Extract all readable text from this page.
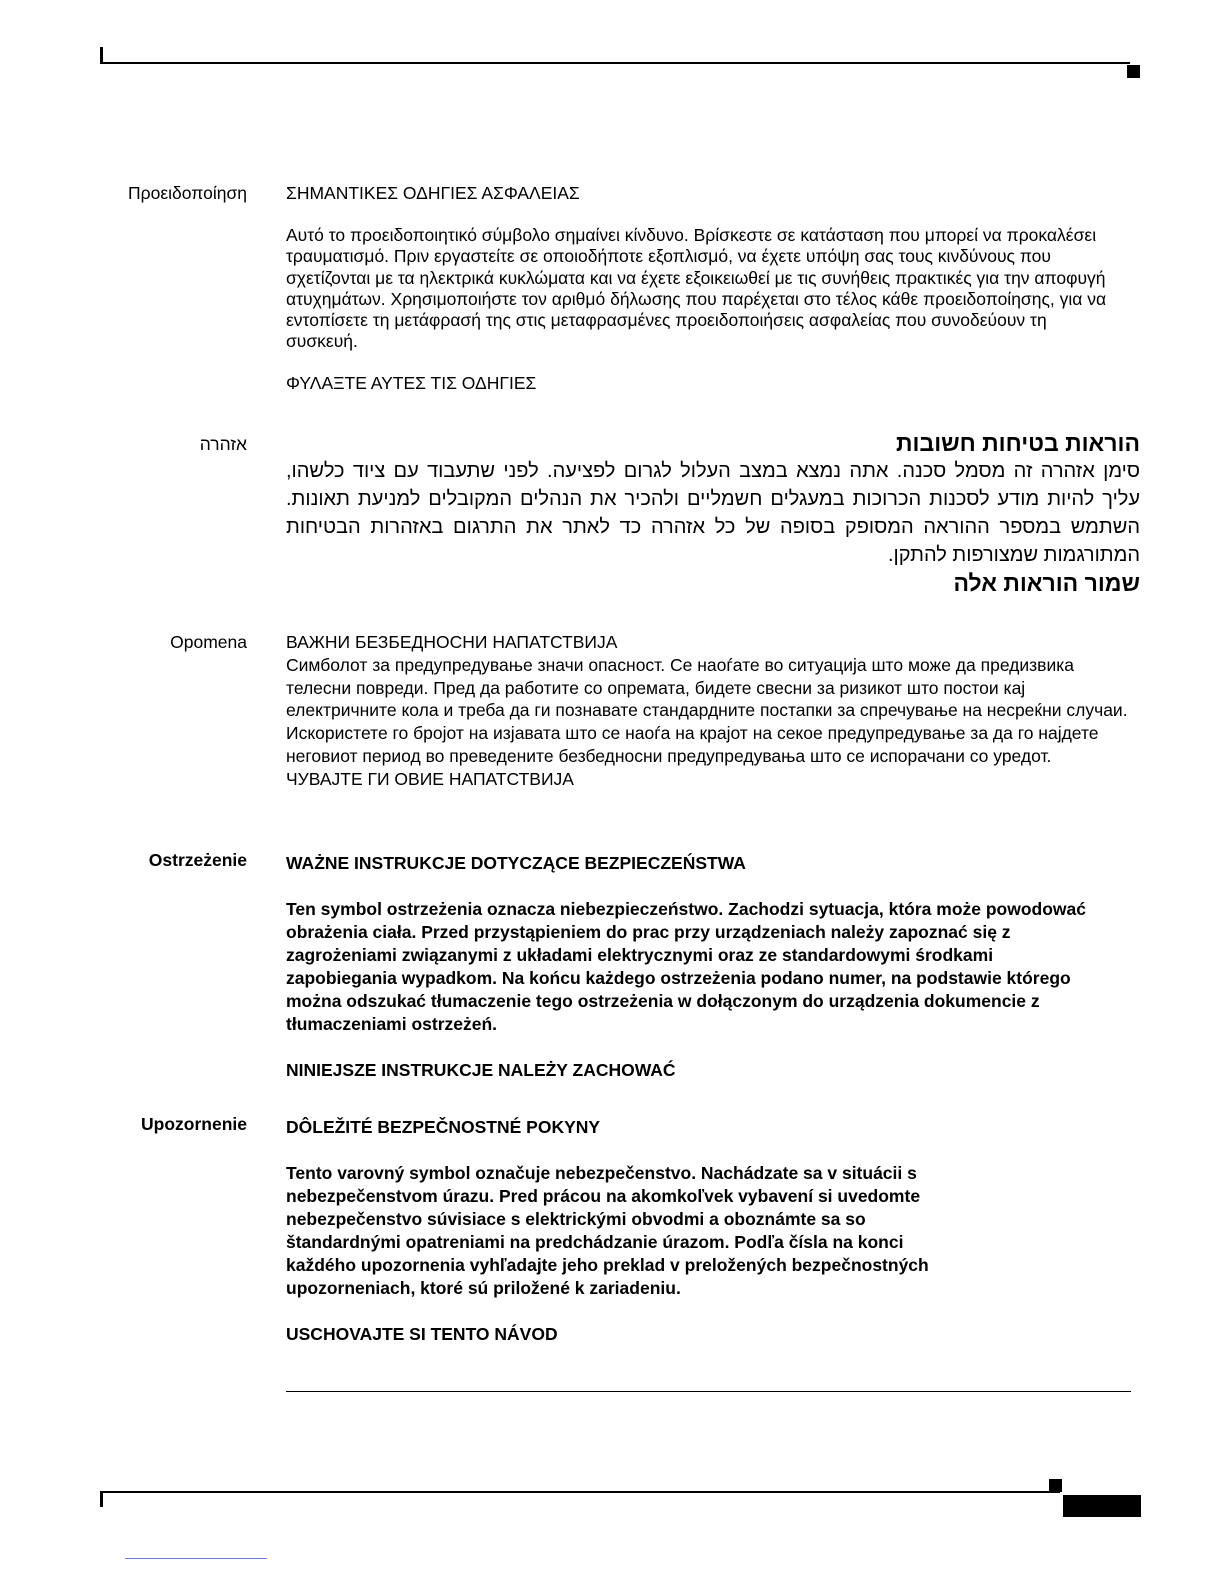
Προειδοποίηση ΣΗΜΑΝΤΙΚΕΣ ΟΔΗΓΙΕΣ ΑΣΦΑΛΕΙΑΣ

Αυτό το προειδοποιητικό σύμβολο σημαίνει κίνδυνο. Βρίσκεστε σε κατάσταση που μπορεί να προκαλέσει τραυματισμό. Πριν εργαστείτε σε οποιοδήποτε εξοπλισμό, να έχετε υπόψη σας τους κινδύνους που σχετίζονται με τα ηλεκτρικά κυκλώματα και να έχετε εξοικειωθεί με τις συνήθεις πρακτικές για την αποφυγή ατυχημάτων. Χρησιμοποιήστε τον αριθμό δήλωσης που παρέχεται στο τέλος κάθε προειδοποίησης, για να εντοπίσετε τη μετάφρασή της στις μεταφρασμένες προειδοποιήσεις ασφαλείας που συνοδεύουν τη συσκευή.

ΦΥΛΑΞΤΕ ΑΥΤΕΣ ΤΙΣ ΟΔΗΓΙΕΣ

אזהרה	הוראות בטיחות חשובות

סימן אזהרה זה מסמל סכנה. אתה נמצא במצב העלול לגרום לפציעה. לפני שתעבוד עם ציוד כלשהו, עליך להיות מודע לסכנות הכרוכות במעגלים חשמליים ולהכיר את הנהלים המקובלים למניעת תאונות. השתמש במספר ההוראה המסופק בסופה של כל אזהרה כד לאתר את התרגום באזהרות הבטיחות המתורגמות שמצורפות להתקן.

שמור הוראות אלה

Opomena ВАЖНИ БЕЗБЕДНОСНИ НАПАТСТВИЈА

Симболот за предупредување значи опасност. Се наоѓате во ситуација што може да предизвика телесни повреди. Пред да работите со опремата, бидете свесни за ризикот што постои кај електричните кола и треба да ги познавате стандардните постапки за спречување на несреќни случаи. Искористете го бројот на изјавата што се наоѓа на крајот на секое предупредување за да го најдете неговиот период во преведените безбедносни предупредувања што се испорачани со уредот.

ЧУВАЈТЕ ГИ ОВИЕ НАПАТСТВИЈА

Ostrzeżenie WAŻNE INSTRUKCJE DOTYCZĄCE BEZPIECZEŃSTWA

Ten symbol ostrzeżenia oznacza niebezpieczeństwo. Zachodzi sytuacja, która może powodować obrażenia ciała. Przed przystąpieniem do prac przy urządzeniach należy zapoznać się z zagrożeniami związanymi z układami elektrycznymi oraz ze standardowymi środkami zapobiegania wypadkom. Na końcu każdego ostrzeżenia podano numer, na podstawie którego można odszukać tłumaczenie tego ostrzeżenia w dołączonym do urządzenia dokumencie z tłumaczeniami ostrzeżeń.

NINIEJSZE INSTRUKCJE NALEŻY ZACHOWAĆ

Upozornenie DÔLEŽITÉ BEZPEČNOSTNÉ POKYNY

Tento varovný symbol označuje nebezpečenstvo. Nachádzate sa v situácii s nebezpečenstvom úrazu. Pred prácou na akomkoľvek vybavení si uvedomte nebezpečenstvo súvisiace s elektrickými obvodmi a oboznámte sa so štandardnými opatreniami na predchádzanie úrazom. Podľa čísla na konci každého upozornenia vyhľadajte jeho preklad v preložených bezpečnostných upozorneniach, ktoré sú priložené k zariadeniu.

USCHOVAJTE SI TENTO NÁVOD
